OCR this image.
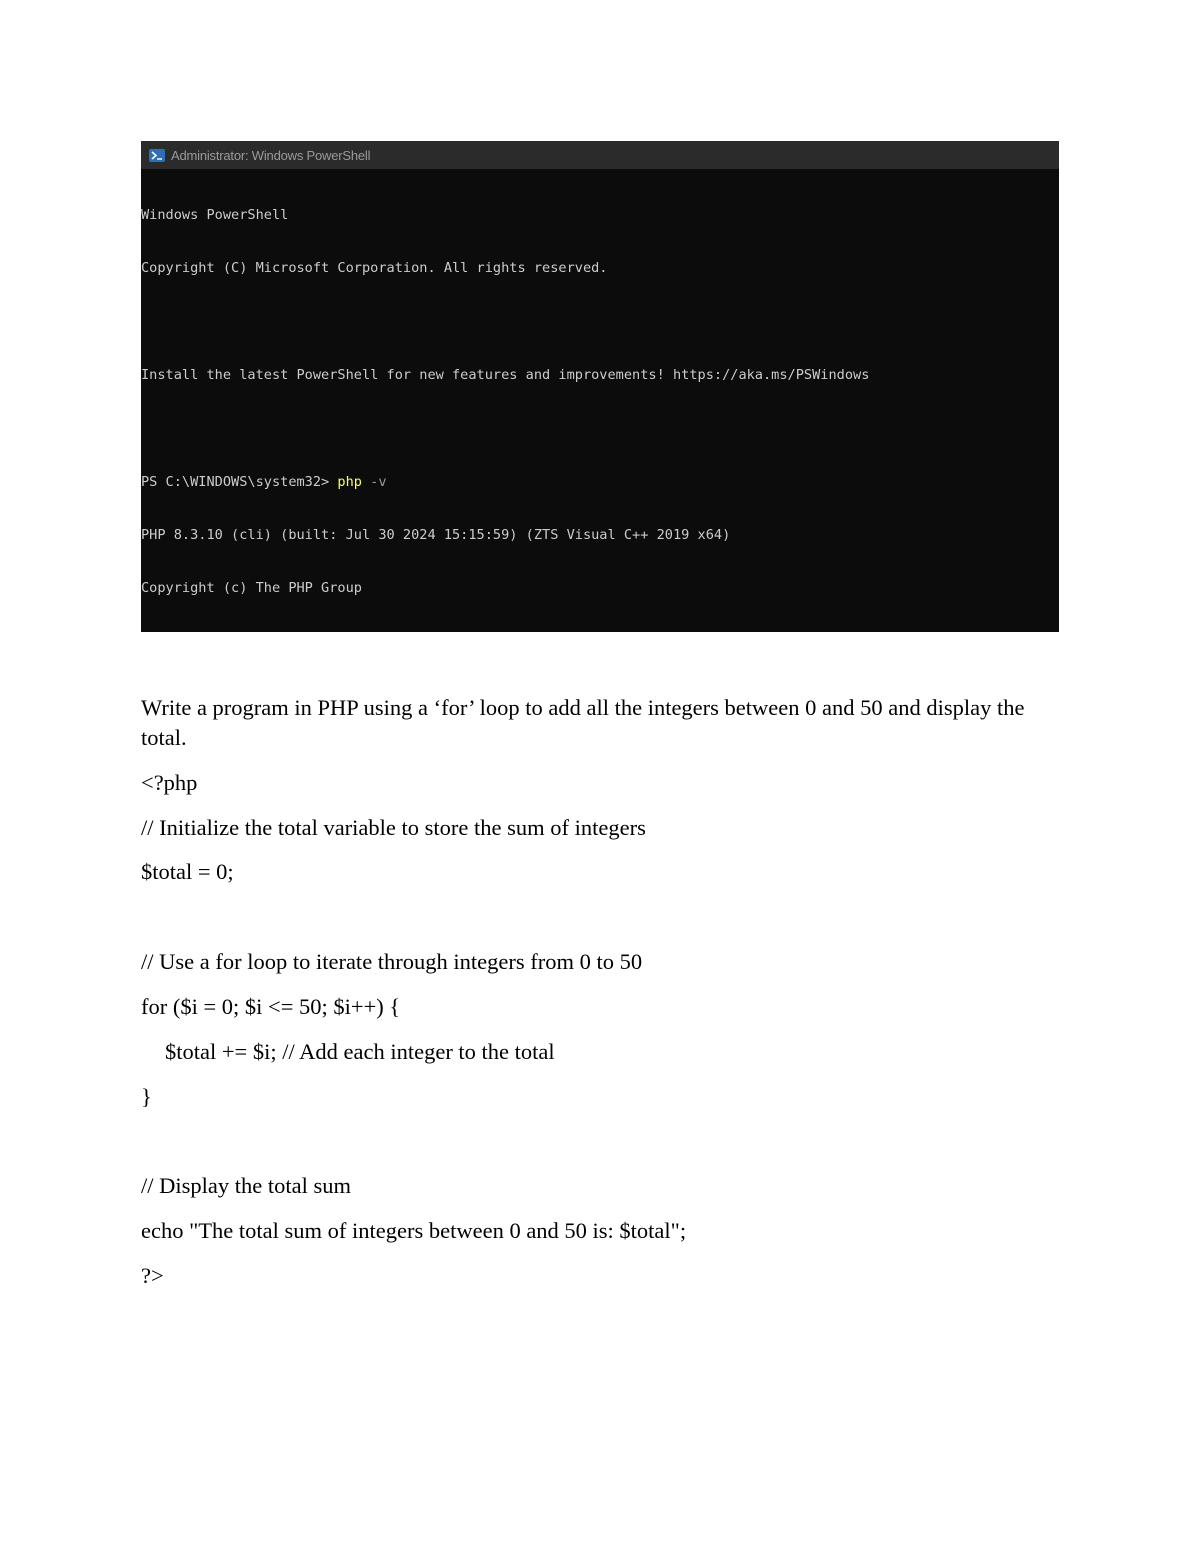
Administrator: Windows PowerShell

Windows PowerShell

Copyright (C) Microsoft Corporation. All rights reserved.

Install the latest PowerShell for new features and improvements! https://aka.ms/PSWindows

PS C:\WINDOWS\system32> php -v

PHP 8.3.10 (cli) (built: Jul 30 2024 15:15:59) (ZTS Visual C++ 2019 x64)

Copyright (c) The PHP Group

Write a program in PHP using a ‘for’ loop to add all the integers between 0 and 50 and display the total.
<?php
// Initialize the total variable to store the sum of integers
$total = 0;
// Use a for loop to iterate through integers from 0 to 50
for ($i = 0; $i <= 50; $i++) {
$total += $i; // Add each integer to the total
}
// Display the total sum
echo "The total sum of integers between 0 and 50 is: $total";
?>
